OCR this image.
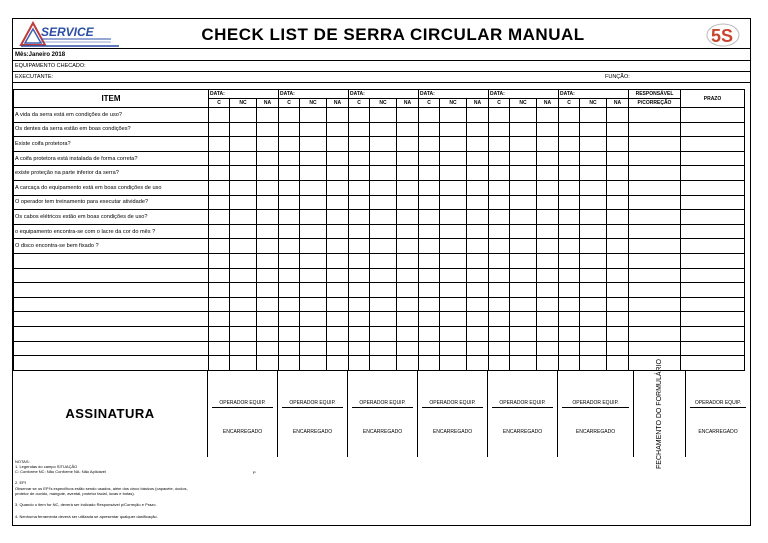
SERVICE	CHECK LIST DE SERRA CIRCULAR MANUAL	5S
Mês:Janeiro 2018
EQUIPAMENTO CHECADO:
EXECUTANTE:	FUNÇÃO:
ITEM	DATA:			DATA:			DATA:			DATA:			DATA:			DATA:			RESPONSÁVEL	PRAZO
	C	NC	NA	C	NC	NA	C	NC	NA	C	NC	NA	C	NC	NA	C	NC	NA	P/CORREÇÃO	
A vida da serra está em condições de uso?																				
Os dentes da serra estão em boas condições?																				
Existe coifa protetora?																				
A coifa protetora está instalada de forma correta?																				
existe proteção na parte inferior da serra?																				
A carcaça do equipamento está em boas condições de uso																				
O operador tem treinamento para executar atividade?																				
Os cabos elétricos estão em boas condições de uso?																				
o equipamento encontra-se com o lacre da cor do mês ?																				
O disco encontra-se bem fixado ?																				

ASSINATURA
OPERADOR EQUIP.
ENCARREGADO
OPERADOR EQUIP.
ENCARREGADO
OPERADOR EQUIP.
ENCARREGADO
OPERADOR EQUIP.
ENCARREGADO
OPERADOR EQUIP.
ENCARREGADO
OPERADOR EQUIP.
ENCARREGADO	FECHAMENTO DO FORMULÁRIO	OPERADOR EQUIP.
ENCARREGADO
NOTAS:
1. Legendas do campo SITUAÇÃO
C: Conforme NC: Não Conforme NA: Não Aplicável
2. EPI
Observar se os EPI's específicos estão sendo usados, além dos cinco básicos (capacete, óculos,
protetor de ouvido, mangote, avental, protetor facial, luvas e botas).
3. Quando o item for NC, deverá ser indicado Responsável p/Correção e Prazo.
4. Nenhuma ferramenta deverá ser utilizada se apresentar qualquer danificação.
P
